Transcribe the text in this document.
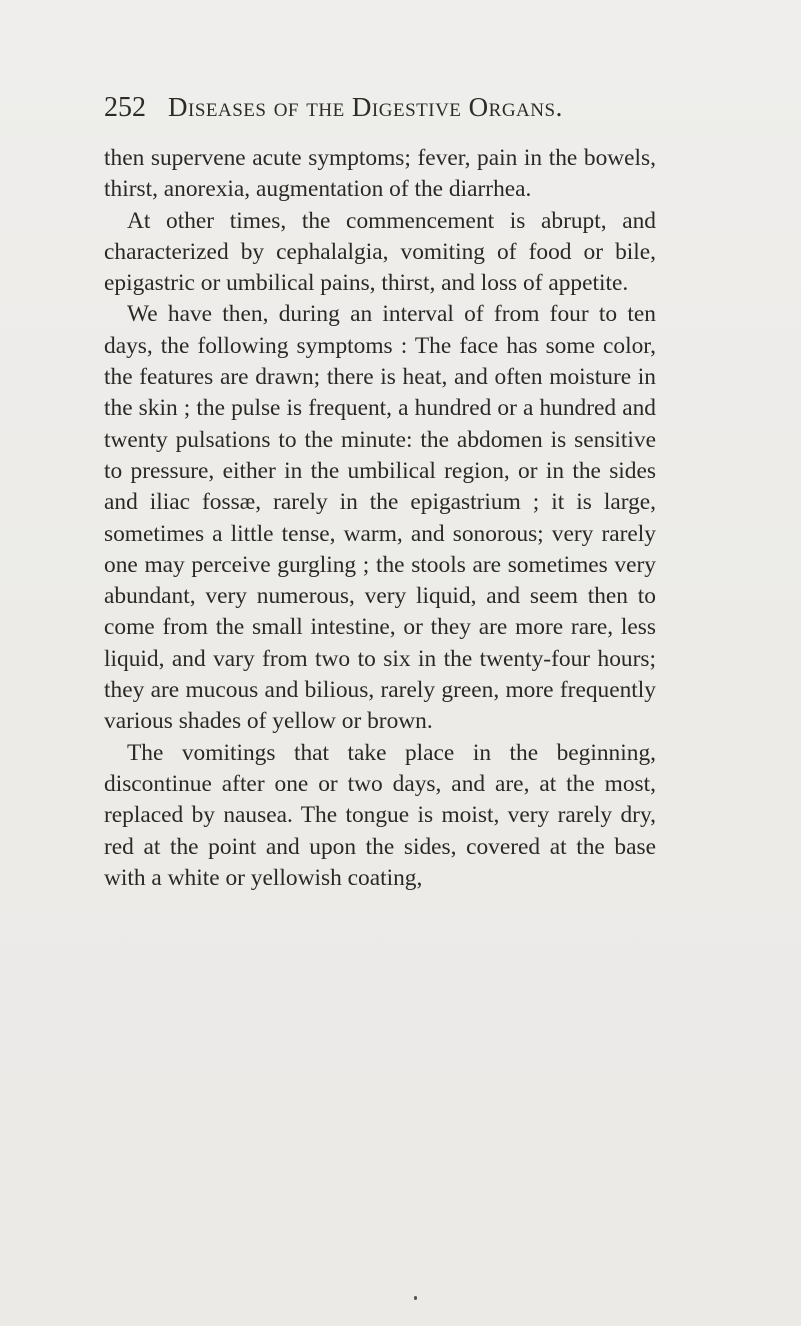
252 Diseases of the Digestive Organs.

then supervene acute symptoms; fever, pain in the bowels, thirst, anorexia, augmentation of the diarrhea.

At other times, the commencement is abrupt, and characterized by cephalalgia, vomiting of food or bile, epigastric or umbilical pains, thirst, and loss of appetite.

We have then, during an interval of from four to ten days, the following symptoms : The face has some color, the features are drawn; there is heat, and often moisture in the skin ; the pulse is frequent, a hundred or a hundred and twenty pulsations to the minute: the abdomen is sensitive to pressure, either in the umbilical region, or in the sides and iliac fossæ, rarely in the epigastrium ; it is large, sometimes a little tense, warm, and sonorous; very rarely one may perceive gurgling ; the stools are sometimes very abundant, very numerous, very liquid, and seem then to come from the small intestine, or they are more rare, less liquid, and vary from two to six in the twenty-four hours; they are mucous and bilious, rarely green, more frequently various shades of yellow or brown.

The vomitings that take place in the beginning, discontinue after one or two days, and are, at the most, replaced by nausea. The tongue is moist, very rarely dry, red at the point and upon the sides, covered at the base with a white or yellowish coating,
